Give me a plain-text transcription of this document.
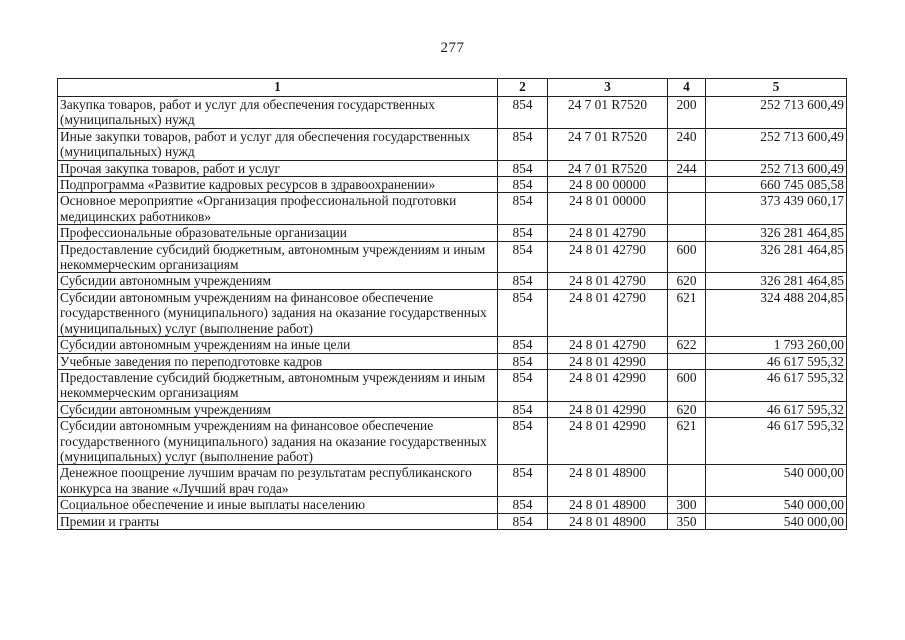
277
1	2	3	4	5
Закупка товаров, работ и услуг для обеспечения государственных (муниципальных) нужд	854	24 7 01 R7520	200	252 713 600,49
Иные закупки товаров, работ и услуг для обеспечения государственных (муниципальных) нужд	854	24 7 01 R7520	240	252 713 600,49
Прочая закупка товаров, работ и услуг	854	24 7 01 R7520	244	252 713 600,49
Подпрограмма «Развитие кадровых ресурсов в здравоохранении»	854	24 8 00 00000		660 745 085,58
Основное мероприятие «Организация профессиональной подготовки медицинских работников»	854	24 8 01 00000		373 439 060,17
Профессиональные образовательные организации	854	24 8 01 42790		326 281 464,85
Предоставление субсидий бюджетным, автономным учреждениям и иным некоммерческим организациям	854	24 8 01 42790	600	326 281 464,85
Субсидии автономным учреждениям	854	24 8 01 42790	620	326 281 464,85
Субсидии автономным учреждениям на финансовое обеспечение государственного (муниципального) задания на оказание государственных (муниципальных) услуг (выполнение работ)	854	24 8 01 42790	621	324 488 204,85
Субсидии автономным учреждениям на иные цели	854	24 8 01 42790	622	1 793 260,00
Учебные заведения по переподготовке кадров	854	24 8 01 42990		46 617 595,32
Предоставление субсидий бюджетным, автономным учреждениям и иным некоммерческим организациям	854	24 8 01 42990	600	46 617 595,32
Субсидии автономным учреждениям	854	24 8 01 42990	620	46 617 595,32
Субсидии автономным учреждениям на финансовое обеспечение государственного (муниципального) задания на оказание государственных (муниципальных) услуг (выполнение работ)	854	24 8 01 42990	621	46 617 595,32
Денежное поощрение лучшим врачам по результатам республиканского конкурса на звание «Лучший врач года»	854	24 8 01 48900		540 000,00
Социальное обеспечение и иные выплаты населению	854	24 8 01 48900	300	540 000,00
Премии и гранты	854	24 8 01 48900	350	540 000,00
